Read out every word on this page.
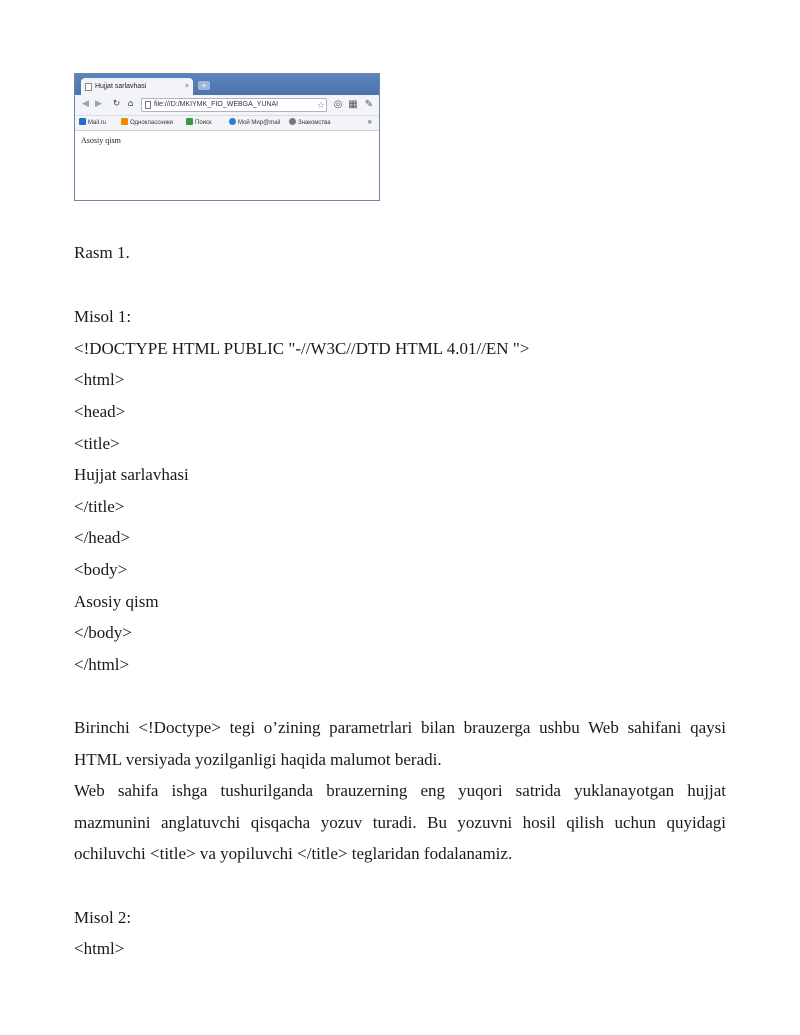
Hujjat sarlavhasi	×	+
◀ ▶ ↻ ⌂	file:///D:/MKIYMK_FIO_WEBGA_YUNAI	☆ ◎ ▦ ✎
Mail.ru	Одноклассники	Поиск	Мой Мир@mail	Знакомства	»
Asosiy qism
Rasm 1.
Misol 1:
<!DOCTYPE HTML PUBLIC "-//W3C//DTD HTML 4.01//EN ">
<html>
<head>
<title>
Hujjat sarlavhasi
</title>
</head>
<body>
Asosiy qism
</body>
</html>
Birinchi <!Doctype> tegi o’zining parametrlari bilan brauzerga ushbu Web sahifani qaysi HTML versiyada yozilganligi haqida malumot beradi.
Web sahifa ishga tushurilganda brauzerning eng yuqori satrida yuklanayotgan hujjat mazmunini anglatuvchi qisqacha yozuv turadi. Bu yozuvni hosil qilish uchun quyidagi ochiluvchi <title> va yopiluvchi </title> teglaridan fodalanamiz.
Misol 2:
<html>
